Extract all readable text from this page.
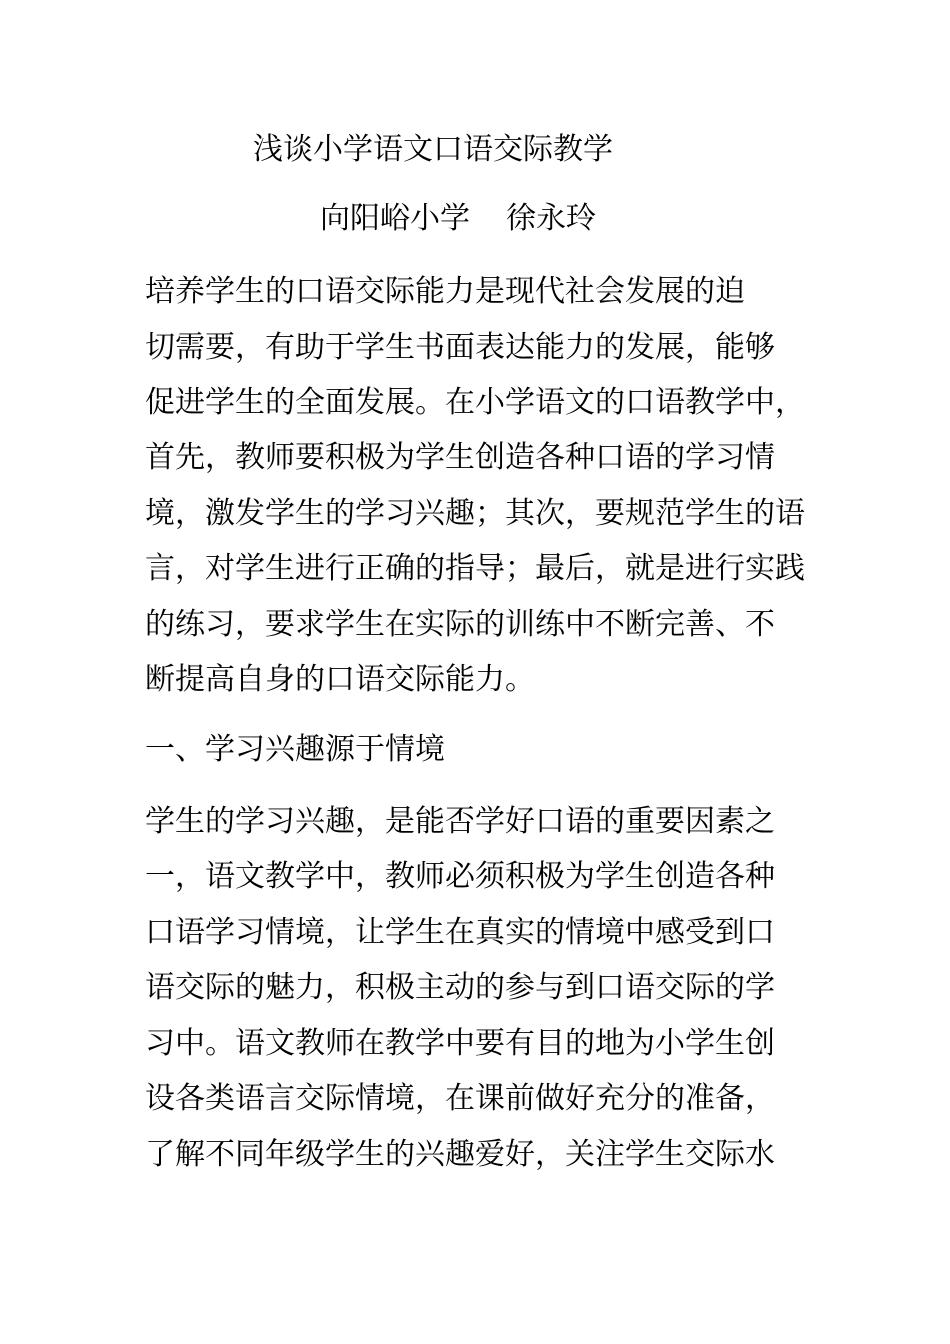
浅谈小学语文口语交际教学
向阳峪小学 徐永玲
培养学生的口语交际能力是现代社会发展的迫
切需要，有助于学生书面表达能力的发展，能够
促进学生的全面发展。在小学语文的口语教学中，
首先，教师要积极为学生创造各种口语的学习情
境，激发学生的学习兴趣；其次，要规范学生的语
言，对学生进行正确的指导；最后，就是进行实践
的练习，要求学生在实际的训练中不断完善、不
断提高自身的口语交际能力。
一、学习兴趣源于情境
学生的学习兴趣，是能否学好口语的重要因素之
一，语文教学中，教师必须积极为学生创造各种
口语学习情境，让学生在真实的情境中感受到口
语交际的魅力，积极主动的参与到口语交际的学
习中。语文教师在教学中要有目的地为小学生创
设各类语言交际情境，在课前做好充分的准备，
了解不同年级学生的兴趣爱好，关注学生交际水
